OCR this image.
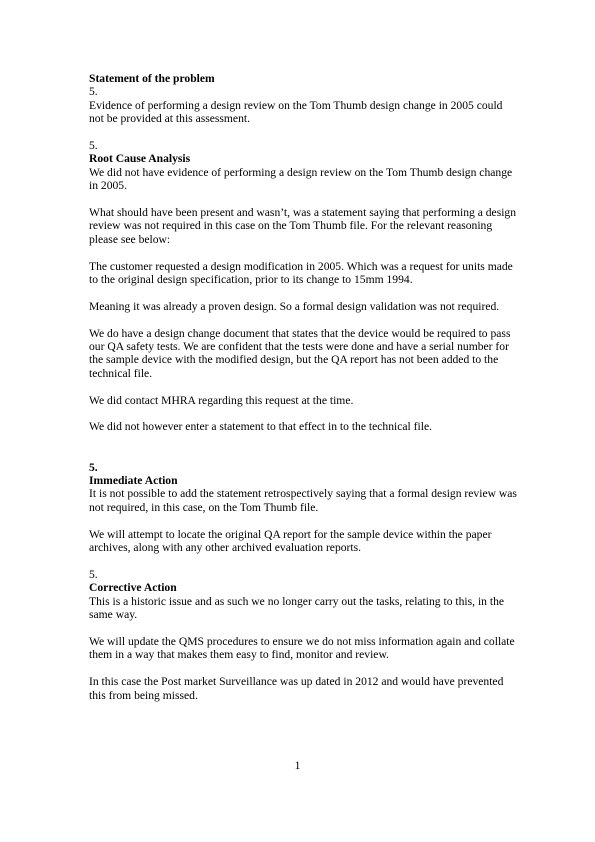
Statement of the problem

5.

Evidence of performing a design review on the Tom Thumb design change in 2005 could not be provided at this assessment.

5.

Root Cause Analysis

We did not have evidence of performing a design review on the Tom Thumb design change in 2005.

What should have been present and wasn’t, was a statement saying that performing a design review was not required in this case on the Tom Thumb file. For the relevant reasoning please see below:

The customer requested a design modification in 2005. Which was a request for units made to the original design specification, prior to its change to 15mm 1994.

Meaning it was already a proven design. So a formal design validation was not required.

We do have a design change document that states that the device would be required to pass our QA safety tests. We are confident that the tests were done and have a serial number for the sample device with the modified design, but the QA report has not been added to the technical file.

We did contact MHRA regarding this request at the time.

We did not however enter a statement to that effect in to the technical file.

5.

Immediate Action

It is not possible to add the statement retrospectively saying that a formal design review was not required, in this case, on the Tom Thumb file.

We will attempt to locate the original QA report for the sample device within the paper archives, along with any other archived evaluation reports.

5.

Corrective Action

This is a historic issue and as such we no longer carry out the tasks, relating to this, in the same way.

We will update the QMS procedures to ensure we do not miss information again and collate them in a way that makes them easy to find, monitor and review.

In this case the Post market Surveillance was up dated in 2012 and would have prevented this from being missed.

1
